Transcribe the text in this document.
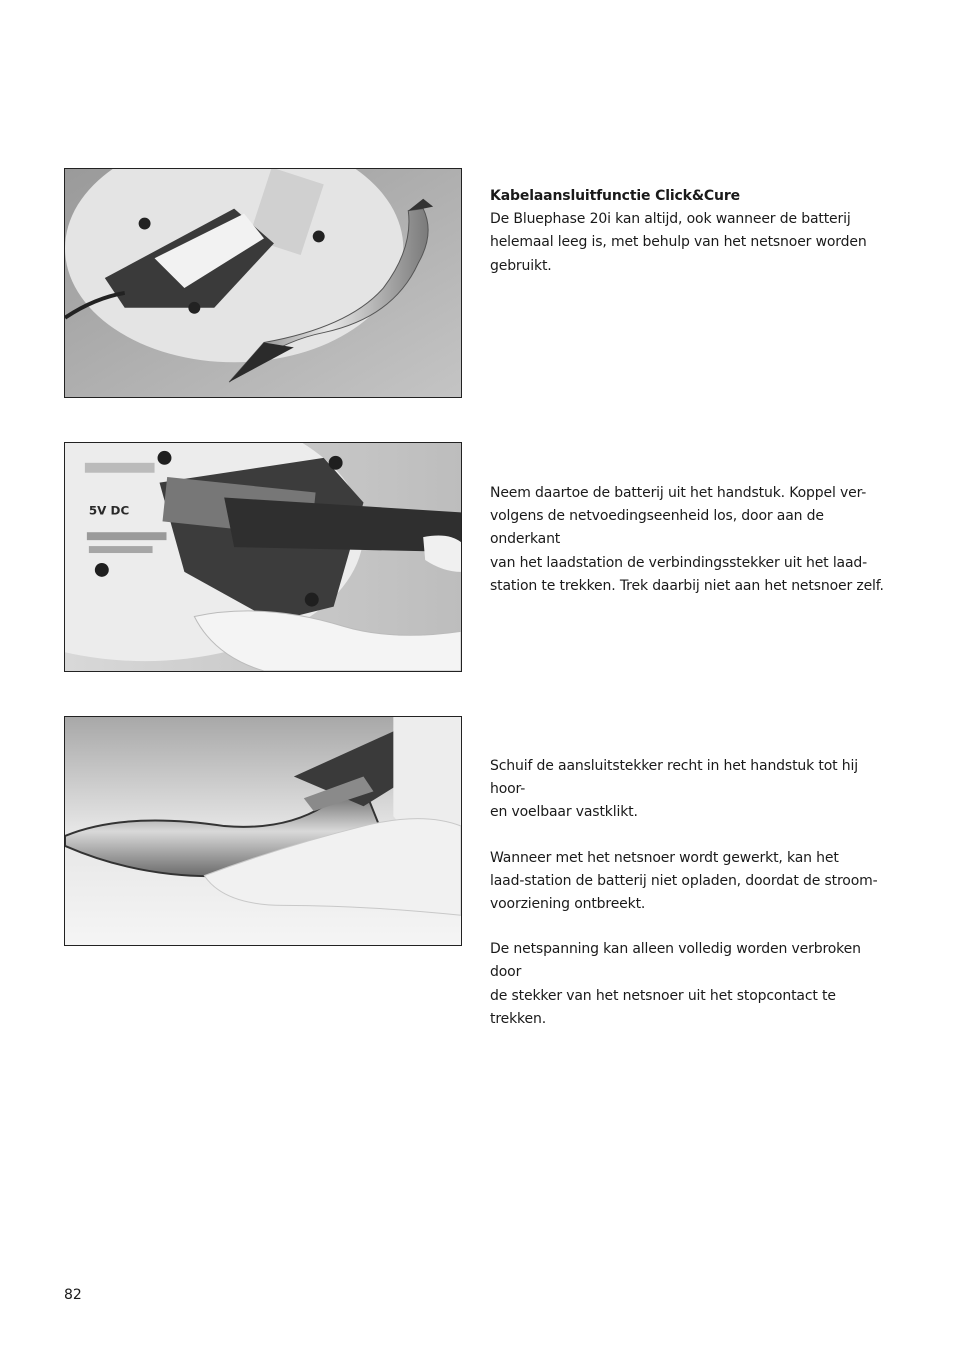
Kabelaansluitfunctie Click&Cure

De Bluephase 20i kan altijd, ook wanneer de batterij

helemaal leeg is, met behulp van het netsnoer worden

gebruikt.

5V DC

Neem daartoe de batterij uit het handstuk. Koppel ver-

volgens de netvoedingseenheid los, door aan de onderkant

van het laadstation de verbindingsstekker uit het laad-

station te trekken. Trek daarbij niet aan het netsnoer zelf.

Schuif de aansluitstekker recht in het handstuk tot hij hoor-

en voelbaar vastklikt.

Wanneer met het netsnoer wordt gewerkt, kan het

laad-station de batterij niet opladen, doordat de stroom-

voorziening ontbreekt.

De netspanning kan alleen volledig worden verbroken door

de stekker van het netsnoer uit het stopcontact te trekken.

82
